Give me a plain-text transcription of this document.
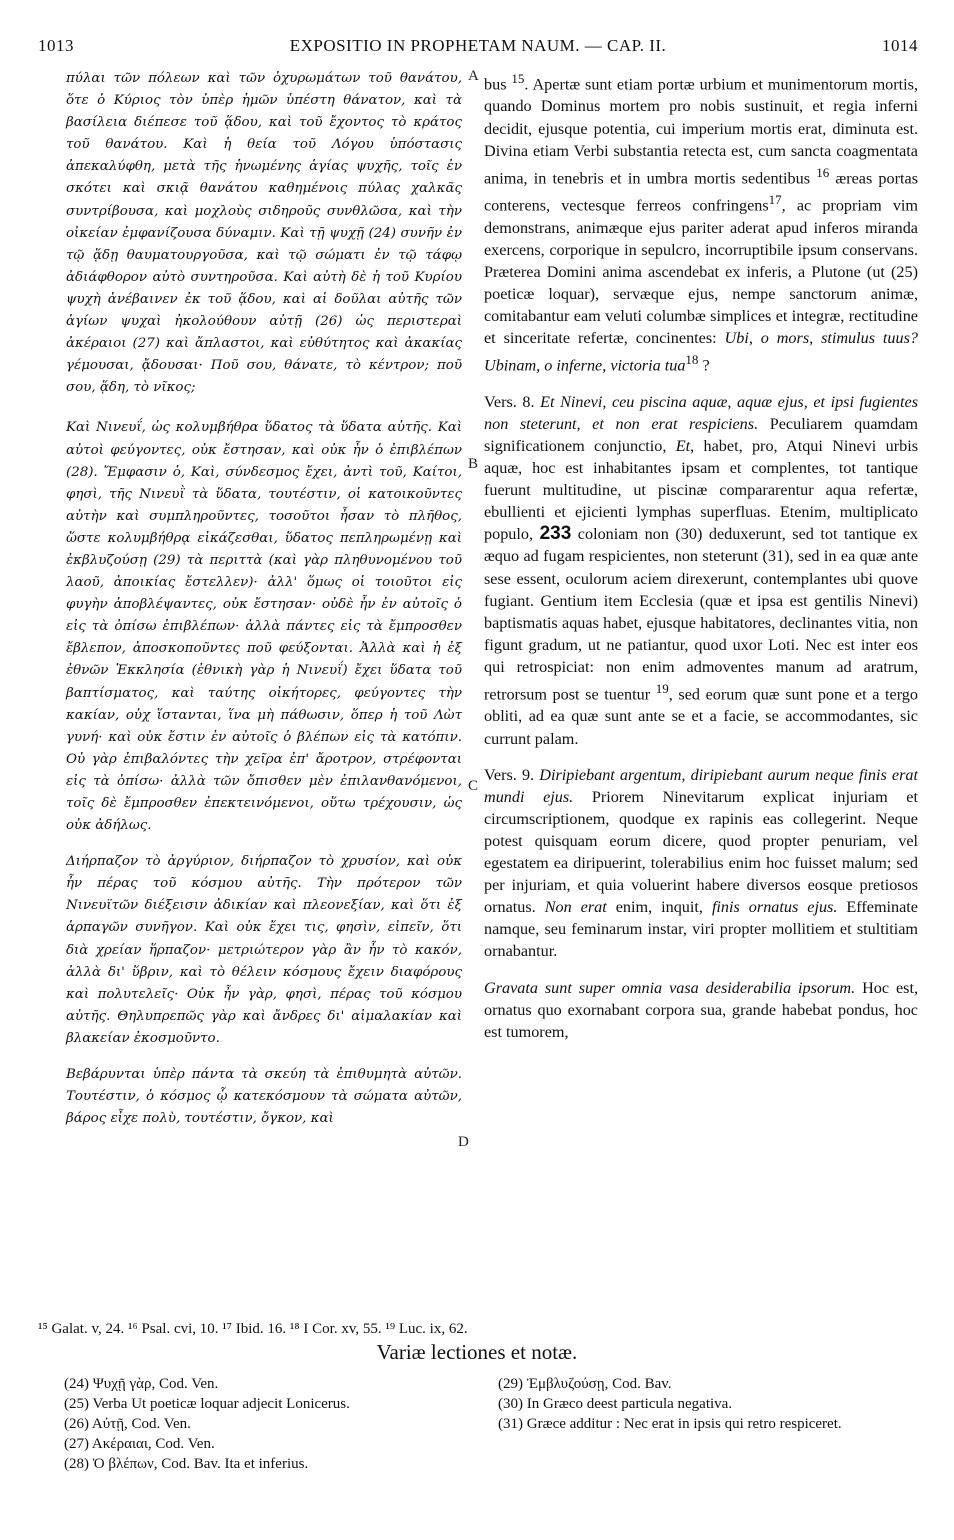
1013	EXPOSITIO IN PROPHETAM NAUM. — CAP. II.	1014

πύλαι τῶν πόλεων καὶ τῶν ὀχυρωμάτων τοῦ θανάτου, ὅτε ὁ Κύριος τὸν ὑπὲρ ἡμῶν ὑπέστη θάνατον, καὶ τὰ βασίλεια διέπεσε τοῦ ᾅδου, καὶ τοῦ ἔχοντος τὸ κράτος τοῦ θανάτου. Καὶ ἡ θεία τοῦ Λόγου ὑπόστασις ἀπεκαλύφθη, μετὰ τῆς ἡνωμένης ἁγίας ψυχῆς, τοῖς ἐν σκότει καὶ σκιᾷ θανάτου καθημένοις πύλας χαλκᾶς συντρίβουσα, καὶ μοχλοὺς σιδηροῦς συνθλῶσα, καὶ τὴν οἰκείαν ἐμφανίζουσα δύναμιν. Καὶ τῇ ψυχῇ (24) συνῆν ἐν τῷ ᾅδῃ θαυματουργοῦσα, καὶ τῷ σώματι ἐν τῷ τάφῳ ἀδιάφθορον αὐτὸ συντηροῦσα. Καὶ αὐτὴ δὲ ἡ τοῦ Κυρίου ψυχὴ ἀνέβαινεν ἐκ τοῦ ᾅδου, καὶ αἱ δοῦλαι αὐτῆς τῶν ἁγίων ψυχαὶ ἠκολούθουν αὐτῇ (26) ὡς περιστεραὶ ἀκέραιοι (27) καὶ ἄπλαστοι, καὶ εὐθύτητος καὶ ἀκακίας γέμουσαι, ᾄδουσαι· Ποῦ σου, θάνατε, τὸ κέντρον; ποῦ σου, ᾅδη, τὸ νῖκος;

Καὶ Νινευΐ, ὡς κολυμβήθρα ὕδατος τὰ ὕδατα αὐτῆς. Καὶ αὐτοὶ φεύγοντες, οὐκ ἔστησαν, καὶ οὐκ ἦν ὁ ἐπιβλέπων (28). Ἔμφασιν ὁ, Καὶ, σύνδεσμος ἔχει, ἀντὶ τοῦ, Καίτοι, φησὶ, τῆς Νινευῒ τὰ ὕδατα, τουτέστιν, οἱ κατοικοῦντες αὐτὴν καὶ συμπληροῦντες, τοσοῦτοι ἦσαν τὸ πλῆθος, ὥστε κολυμβήθρᾳ εἰκάζεσθαι, ὕδατος πεπληρωμένῃ καὶ ἐκβλυζούσῃ (29) τὰ περιττὰ (καὶ γὰρ πληθυνομένου τοῦ λαοῦ, ἀποικίας ἔστελλεν)· ἀλλ' ὅμως οἱ τοιοῦτοι εἰς φυγὴν ἀποβλέψαντες, οὐκ ἔστησαν· οὐδὲ ἦν ἐν αὐτοῖς ὁ εἰς τὰ ὀπίσω ἐπιβλέπων· ἀλλὰ πάντες εἰς τὰ ἔμπροσθεν ἔβλεπον, ἀποσκοποῦντες ποῦ φεύξονται. Ἀλλὰ καὶ ἡ ἐξ ἐθνῶν Ἐκκλησία (ἐθνικὴ γὰρ ἡ Νινευΐ) ἔχει ὕδατα τοῦ βαπτίσματος, καὶ ταύτης οἰκήτορες, φεύγοντες τὴν κακίαν, οὐχ ἵστανται, ἵνα μὴ πάθωσιν, ὅπερ ἡ τοῦ Λὼτ γυνή· καὶ οὐκ ἔστιν ἐν αὐτοῖς ὁ βλέπων εἰς τὰ κατόπιν. Οὐ γὰρ ἐπιβαλόντες τὴν χεῖρα ἐπ' ἄροτρον, στρέφονται εἰς τὰ ὀπίσω· ἀλλὰ τῶν ὄπισθεν μὲν ἐπιλανθανόμενοι, τοῖς δὲ ἔμπροσθεν ἐπεκτεινόμενοι, οὕτω τρέχουσιν, ὡς οὐκ ἀδήλως.

Διήρπαζον τὸ ἀργύριον, διήρπαζον τὸ χρυσίον, καὶ οὐκ ἦν πέρας τοῦ κόσμου αὐτῆς. Τὴν πρότερον τῶν Νινευϊτῶν διέξεισιν ἀδικίαν καὶ πλεονεξίαν, καὶ ὅτι ἐξ ἁρπαγῶν συνῆγον. Καὶ οὐκ ἔχει τις, φησὶν, εἰπεῖν, ὅτι διὰ χρείαν ἥρπαζον· μετριώτερον γὰρ ἂν ἦν τὸ κακόν, ἀλλὰ δι' ὕβριν, καὶ τὸ θέλειν κόσμους ἔχειν διαφόρους καὶ πολυτελεῖς· Οὐκ ἦν γὰρ, φησὶ, πέρας τοῦ κόσμου αὐτῆς. Θηλυπρεπῶς γὰρ καὶ ἄνδρες δι' αἱμαλακίαν καὶ βλακείαν ἐκοσμοῦντο.

Βεβάρυνται ὑπὲρ πάντα τὰ σκεύη τὰ ἐπιθυμητὰ αὐτῶν. Τουτέστιν, ὁ κόσμος ᾧ κατεκόσμουν τὰ σώματα αὐτῶν, βάρος εἶχε πολὺ, τουτέστιν, ὄγκον, καὶ

A
B
C
D

bus $^{15}$. Apertæ sunt etiam portæ urbium et munimentorum mortis, quando Dominus mortem pro nobis sustinuit, et regia inferni decidit, ejusque potentia, cui imperium mortis erat, diminuta est. Divina etiam Verbi substantia retecta est, cum sancta coagmentata anima, in tenebris et in umbra mortis sedentibus $^{16}$ æreas portas conterens, vectesque ferreos confringens$^{17}$, ac propriam vim demonstrans, animæque ejus pariter aderat apud inferos miranda exercens, corporique in sepulcro, incorruptibile ipsum conservans. Præterea Domini anima ascendebat ex inferis, a Plutone (ut (25) poeticæ loquar), servæque ejus, nempe sanctorum animæ, comitabantur eam veluti columbæ simplices et integræ, rectitudine et sinceritate refertæ, concinentes: Ubi, o mors, stimulus tuus? Ubinam, o inferne, victoria tua$^{18}$ ?

Vers. 8. Et Ninevi, ceu piscina aquæ, aquæ ejus, et ipsi fugientes non steterunt, et non erat respiciens. Peculiarem quamdam significationem conjunctio, Et, habet, pro, Atqui Ninevi urbis aquæ, hoc est inhabitantes ipsam et complentes, tot tantique fuerunt multitudine, ut piscinæ compararentur aqua refertæ, ebullienti et ejicienti lymphas superfluas. Etenim, multiplicato populo, 233 coloniam non (30) deduxerunt, sed tot tantique ex æquo ad fugam respicientes, non steterunt (31), sed in ea quæ ante sese essent, oculorum aciem direxerunt, contemplantes ubi quove fugiant. Gentium item Ecclesia (quæ et ipsa est gentilis Ninevi) baptismatis aquas habet, ejusque habitatores, declinantes vitia, non figunt gradum, ut ne patiantur, quod uxor Loti. Nec est inter eos qui retrospiciat: non enim admoventes manum ad aratrum, retrorsum post se tuentur $^{19}$, sed eorum quæ sunt pone et a tergo obliti, ad ea quæ sunt ante se et a facie, se accommodantes, sic currunt palam.

Vers. 9. Diripiebant argentum, diripiebant aurum neque finis erat mundi ejus. Priorem Ninevitarum explicat injuriam et circumscriptionem, quodque ex rapinis eas collegerint. Neque potest quisquam eorum dicere, quod propter penuriam, vel egestatem ea diripuerint, tolerabilius enim hoc fuisset malum; sed per injuriam, et quia voluerint habere diversos eosque pretiosos ornatus. Non erat enim, inquit, finis ornatus ejus. Effeminate namque, seu feminarum instar, viri propter mollitiem et stultitiam ornabantur.

Gravata sunt super omnia vasa desiderabilia ipsorum. Hoc est, ornatus quo exornabant corpora sua, grande habebat pondus, hoc est tumorem,

¹⁵ Galat. v, 24. ¹⁶ Psal. cvi, 10. ¹⁷ Ibid. 16. ¹⁸ I Cor. xv, 55. ¹⁹ Luc. ix, 62.
Variæ lectiones et notæ.
(24) Ψυχῇ γὰρ, Cod. Ven.
(25) Verba Ut poeticæ loquar adjecit Lonicerus.
(26) Αὐτῇ, Cod. Ven.
(27) Ακέραιαι, Cod. Ven.
(28) Ὁ βλέπων, Cod. Bav. Ita et inferius.
(29) Ἐμβλυζούσῃ, Cod. Bav.
(30) In Græco deest particula negativa.
(31) Græce additur : Nec erat in ipsis qui retro respiceret.
